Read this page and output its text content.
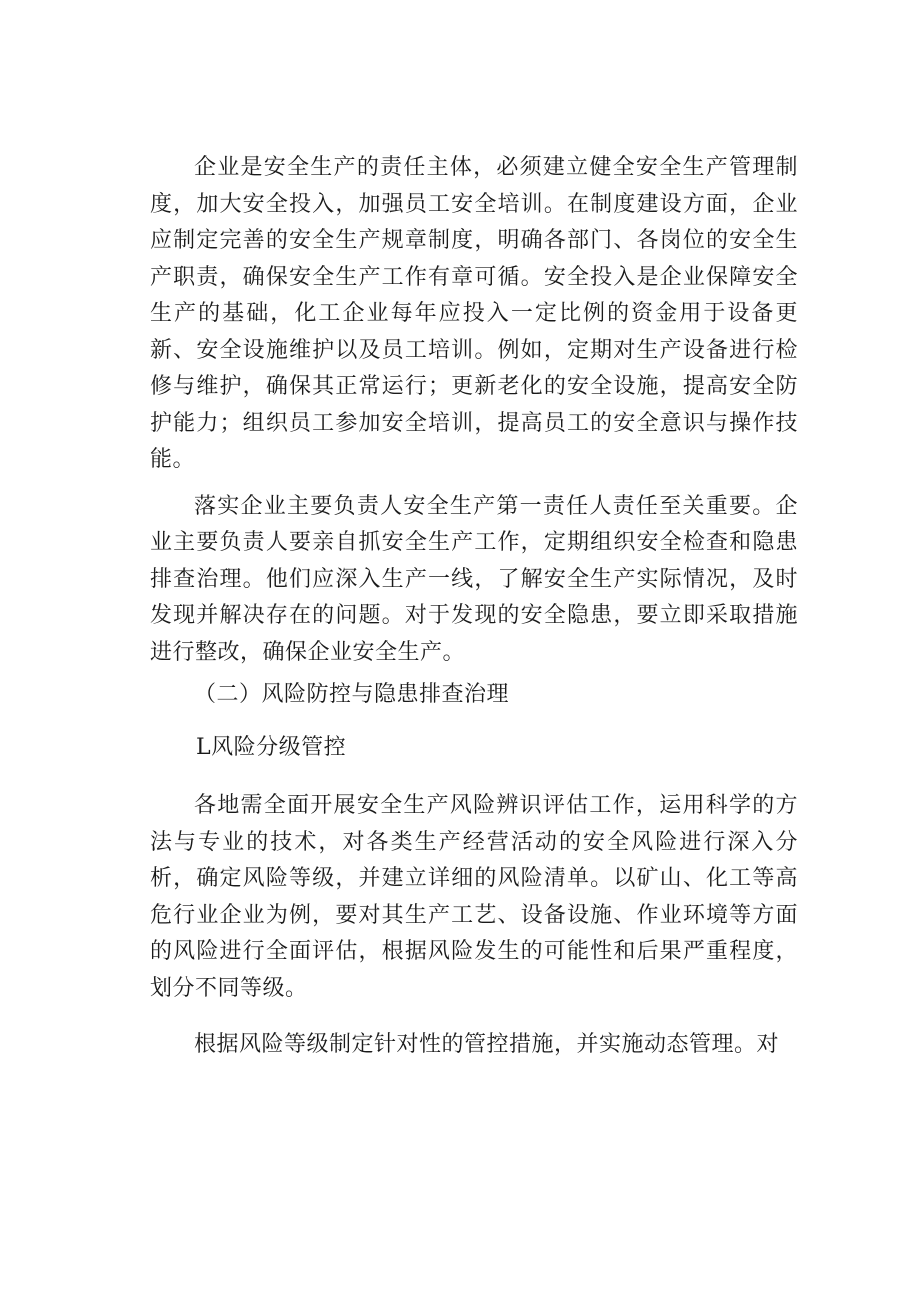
企业是安全生产的责任主体，必须建立健全安全生产管理制度，加大安全投入，加强员工安全培训。在制度建设方面，企业应制定完善的安全生产规章制度，明确各部门、各岗位的安全生产职责，确保安全生产工作有章可循。安全投入是企业保障安全生产的基础，化工企业每年应投入一定比例的资金用于设备更新、安全设施维护以及员工培训。例如，定期对生产设备进行检修与维护，确保其正常运行；更新老化的安全设施，提高安全防护能力；组织员工参加安全培训，提高员工的安全意识与操作技能。

落实企业主要负责人安全生产第一责任人责任至关重要。企业主要负责人要亲自抓安全生产工作，定期组织安全检查和隐患排查治理。他们应深入生产一线，了解安全生产实际情况，及时发现并解决存在的问题。对于发现的安全隐患，要立即采取措施进行整改，确保企业安全生产。

（二）风险防控与隐患排查治理

L风险分级管控

各地需全面开展安全生产风险辨识评估工作，运用科学的方法与专业的技术，对各类生产经营活动的安全风险进行深入分析，确定风险等级，并建立详细的风险清单。以矿山、化工等高危行业企业为例，要对其生产工艺、设备设施、作业环境等方面的风险进行全面评估，根据风险发生的可能性和后果严重程度，划分不同等级。

根据风险等级制定针对性的管控措施，并实施动态管理。对
